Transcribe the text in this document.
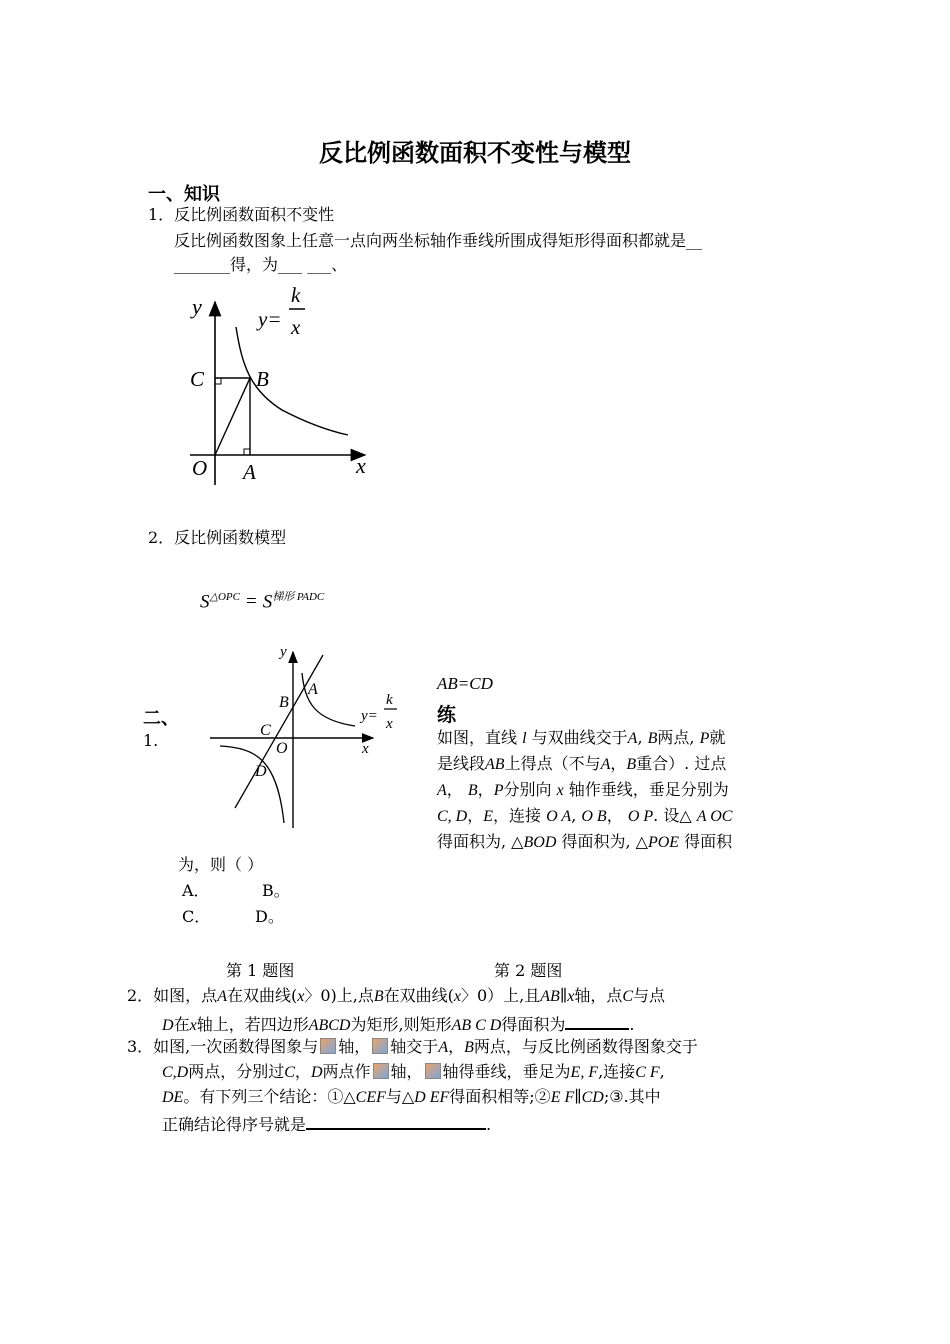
反比例函数面积不变性与模型
一、知识
1．反比例函数面积不变性
反比例函数图象上任意一点向两坐标轴作垂线所围成得矩形得面积都就是__
_______得，为___ ___、
y
x
y=
k
x
C B
O A
2．反比例函数模型
$S^{\triangle OPC} = S^{梯形 PADC}$
二、
1.
y
x
A
B
C
O
D
y=
k
x
AB=CD
练
如图，直线 l 与双曲线交于A, B两点, P就
是线段AB上得点（不与A，B重合）. 过点
A， B，P分别向 x 轴作垂线，垂足分别为
C, D，E，连接 O A, O B， O P. 设△ A OC
得面积为, △BOD 得面积为, △POE 得面积
为，则（ ）
A．	B。
C．	D。
第 1 题图	第 2 题图
2．如图，点A在双曲线(x〉0)上,点B在双曲线(x〉0）上,且AB∥x轴，点C与点
D在x轴上，若四边形ABCD为矩形,则矩形AB C D得面积为	.
3．如图,一次函数得图象与 轴， 轴交于A，B两点，与反比例函数得图象交于
C,D两点，分别过C，D两点作 轴， 轴得垂线，垂足为E, F,连接C F,
DE。有下列三个结论：①△CEF与△D EF得面积相等;②E F∥CD;③.其中
正确结论得序号就是	.
